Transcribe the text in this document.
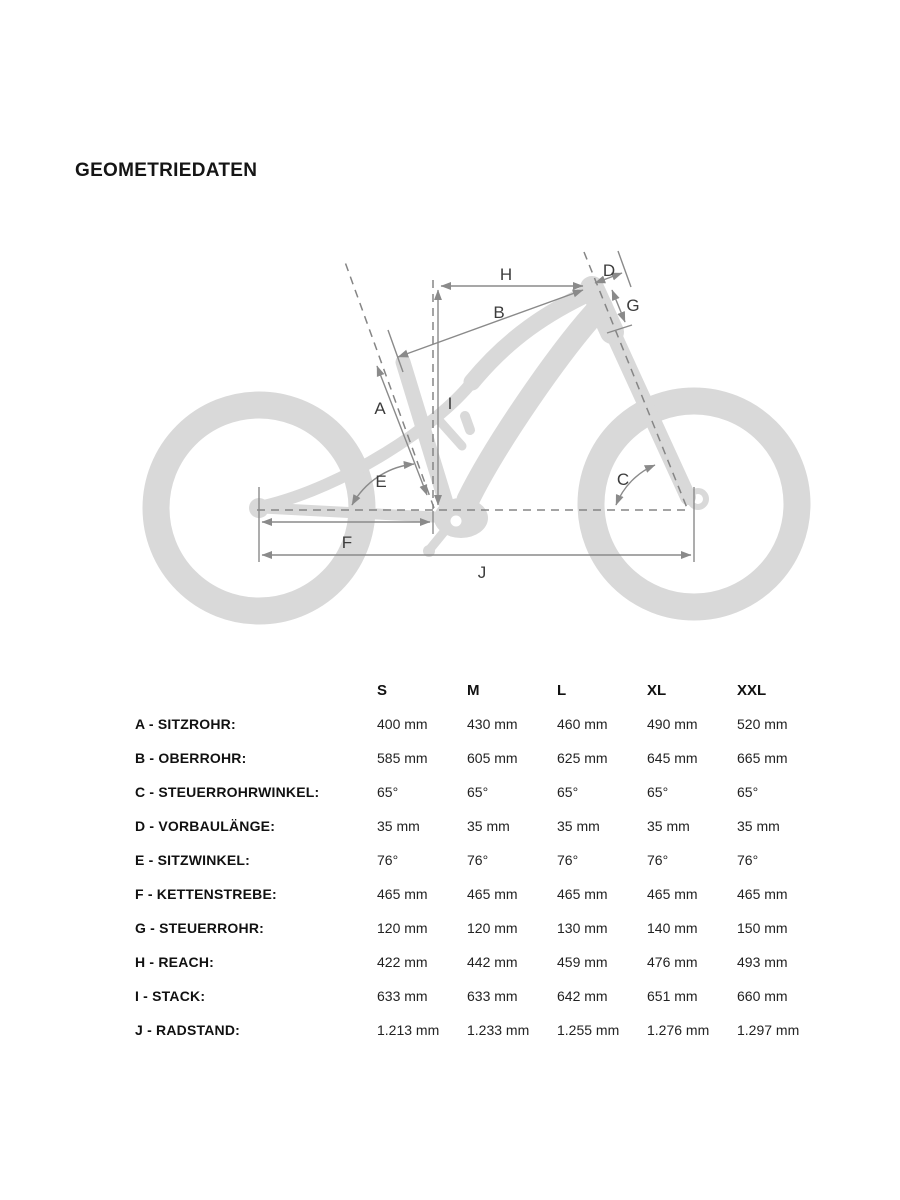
GEOMETRIEDATEN
H	D
B	G
A	I
E	C
F
J
S	M	L	XL	XXL
A - SITZROHR:	400 mm	430 mm	460 mm	490 mm	520 mm
B - OBERROHR:	585 mm	605 mm	625 mm	645 mm	665 mm
C - STEUERROHRWINKEL:	65°	65°	65°	65°	65°
D - VORBAULÄNGE:	35 mm	35 mm	35 mm	35 mm	35 mm
E - SITZWINKEL:	76°	76°	76°	76°	76°
F - KETTENSTREBE:	465 mm	465 mm	465 mm	465 mm	465 mm
G - STEUERROHR:	120 mm	120 mm	130 mm	140 mm	150 mm
H - REACH:	422 mm	442 mm	459 mm	476 mm	493 mm
I - STACK:	633 mm	633 mm	642 mm	651 mm	660 mm
J - RADSTAND:	1.213 mm	1.233 mm	1.255 mm	1.276 mm	1.297 mm
